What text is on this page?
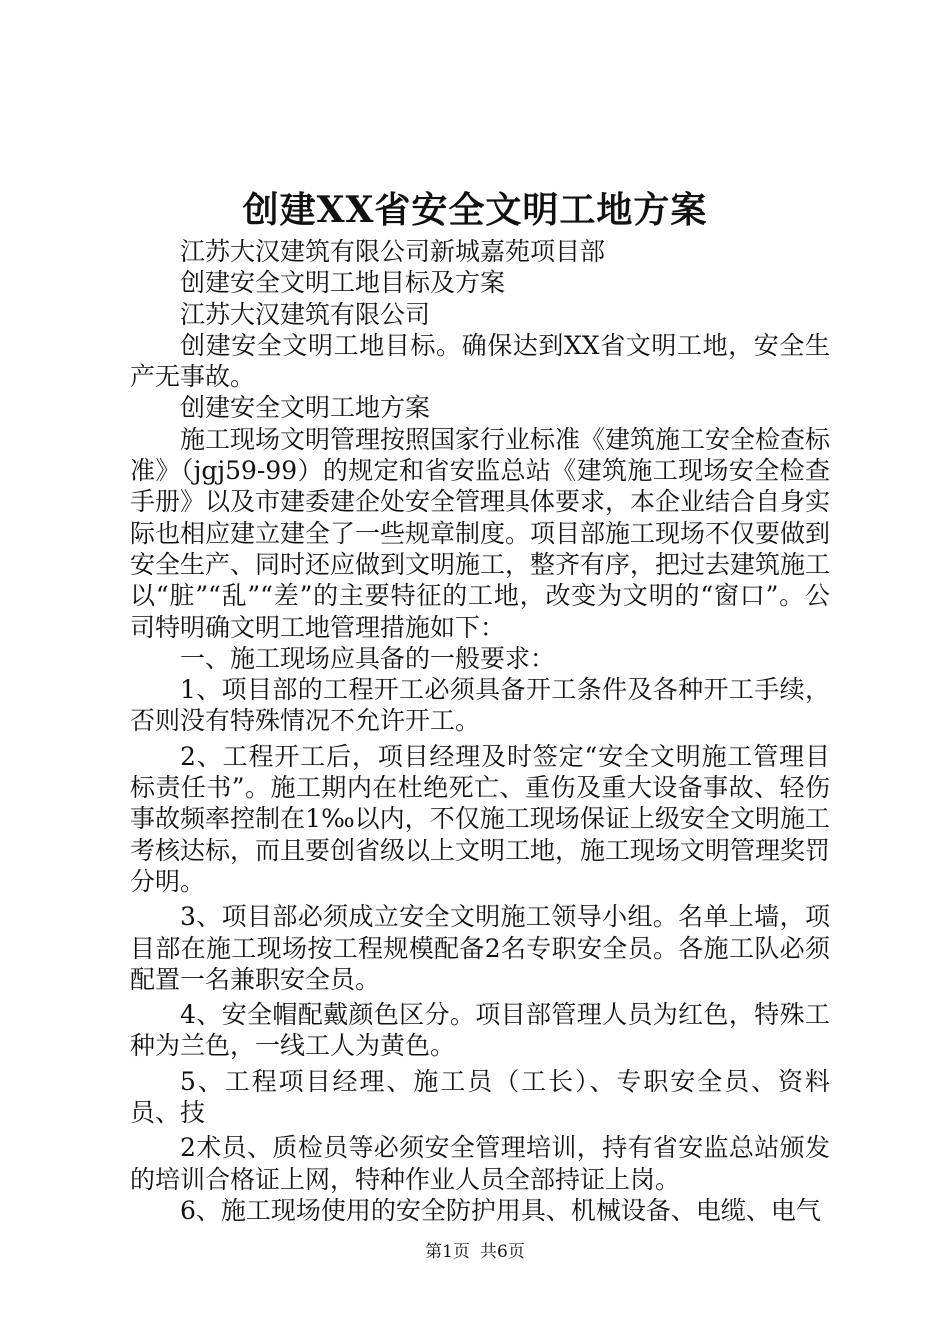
创建XX省安全文明工地方案

江苏大汉建筑有限公司新城嘉苑项目部

创建安全文明工地目标及方案

江苏大汉建筑有限公司

创建安全文明工地目标。确保达到XX省文明工地，安全生产无事故。

创建安全文明工地方案

施工现场文明管理按照国家行业标准《建筑施工安全检查标准》（jgj59-99）的规定和省安监总站《建筑施工现场安全检查手册》以及市建委建企处安全管理具体要求，本企业结合自身实际也相应建立建全了一些规章制度。项目部施工现场不仅要做到安全生产、同时还应做到文明施工，整齐有序，把过去建筑施工以“脏”“乱”“差”的主要特征的工地，改变为文明的“窗口”。公司特明确文明工地管理措施如下：

一、施工现场应具备的一般要求：

1、项目部的工程开工必须具备开工条件及各种开工手续，否则没有特殊情况不允许开工。

2、工程开工后，项目经理及时签定“安全文明施工管理目标责任书”。施工期内在杜绝死亡、重伤及重大设备事故、轻伤事故频率控制在1‰以内，不仅施工现场保证上级安全文明施工考核达标，而且要创省级以上文明工地，施工现场文明管理奖罚分明。

3、项目部必须成立安全文明施工领导小组。名单上墙，项目部在施工现场按工程规模配备2名专职安全员。各施工队必须配置一名兼职安全员。

4、安全帽配戴颜色区分。项目部管理人员为红色，特殊工种为兰色，一线工人为黄色。

5、工程项目经理、施工员（工长）、专职安全员、资料员、技

2术员、质检员等必须安全管理培训，持有省安监总站颁发的培训合格证上网，特种作业人员全部持证上岗。

6、施工现场使用的安全防护用具、机械设备、电缆、电气

第1页 共6页
